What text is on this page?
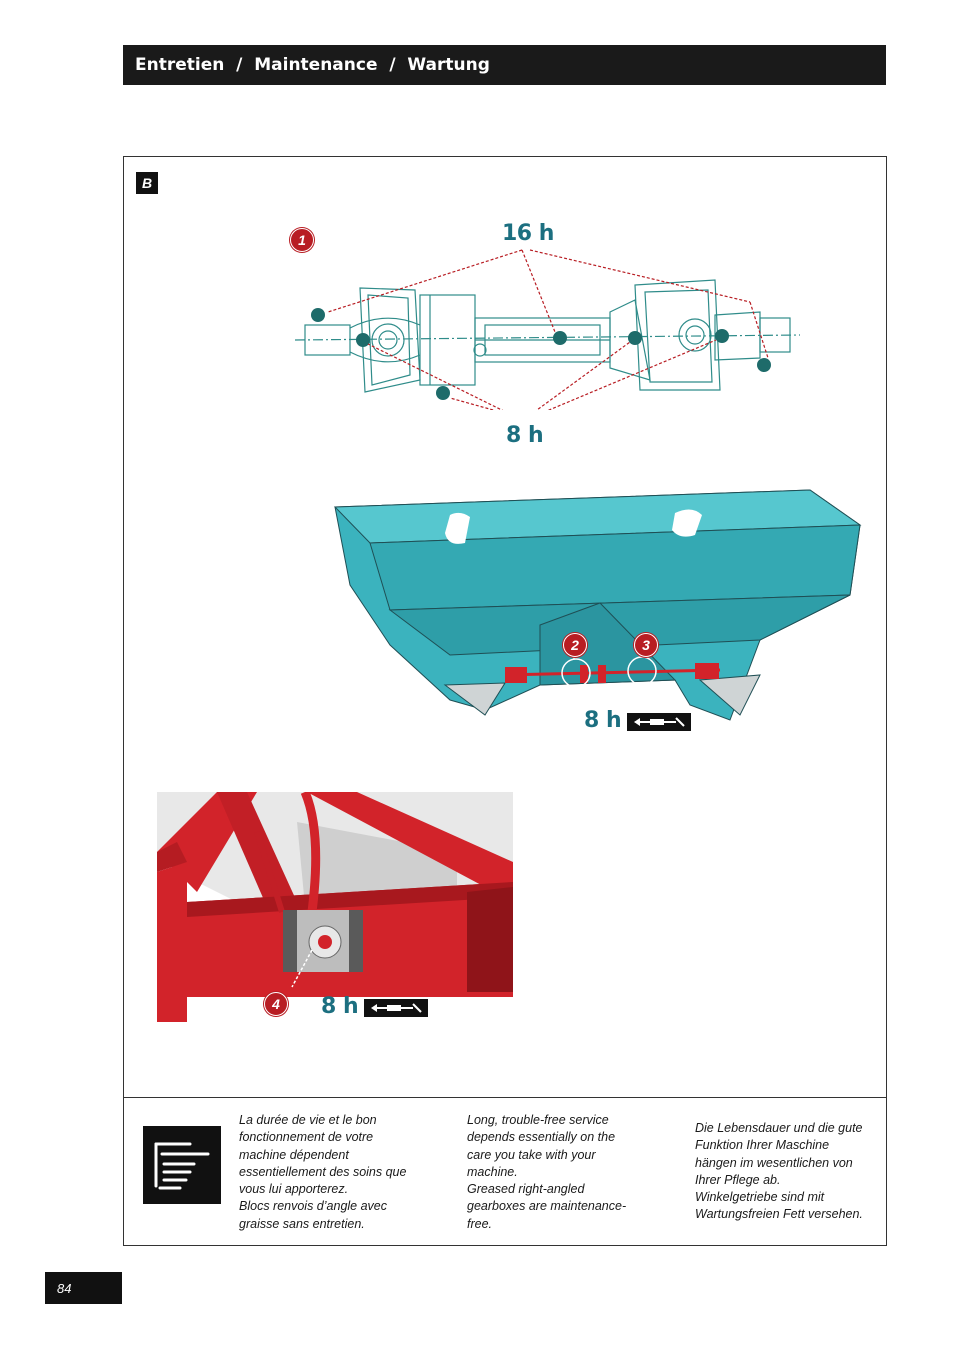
Entretien  /  Maintenance  /  Wartung
B
1	16 h
8 h
2	3
8 h
4 8 h
La durée de vie et le bon
fonctionnement de votre
machine dépendent
essentiellement des soins que
vous lui apporterez.
Blocs renvois d’angle avec
graisse sans entretien.
Long, trouble-free service
depends essentially on the
care you take with your
machine.
Greased right-angled
gearboxes are maintenance-
free.
Die Lebensdauer und die gute
Funktion Ihrer Maschine
hängen im wesentlichen von
Ihrer Pflege ab.
Winkelgetriebe sind mit
Wartungsfreien Fett versehen.
84
